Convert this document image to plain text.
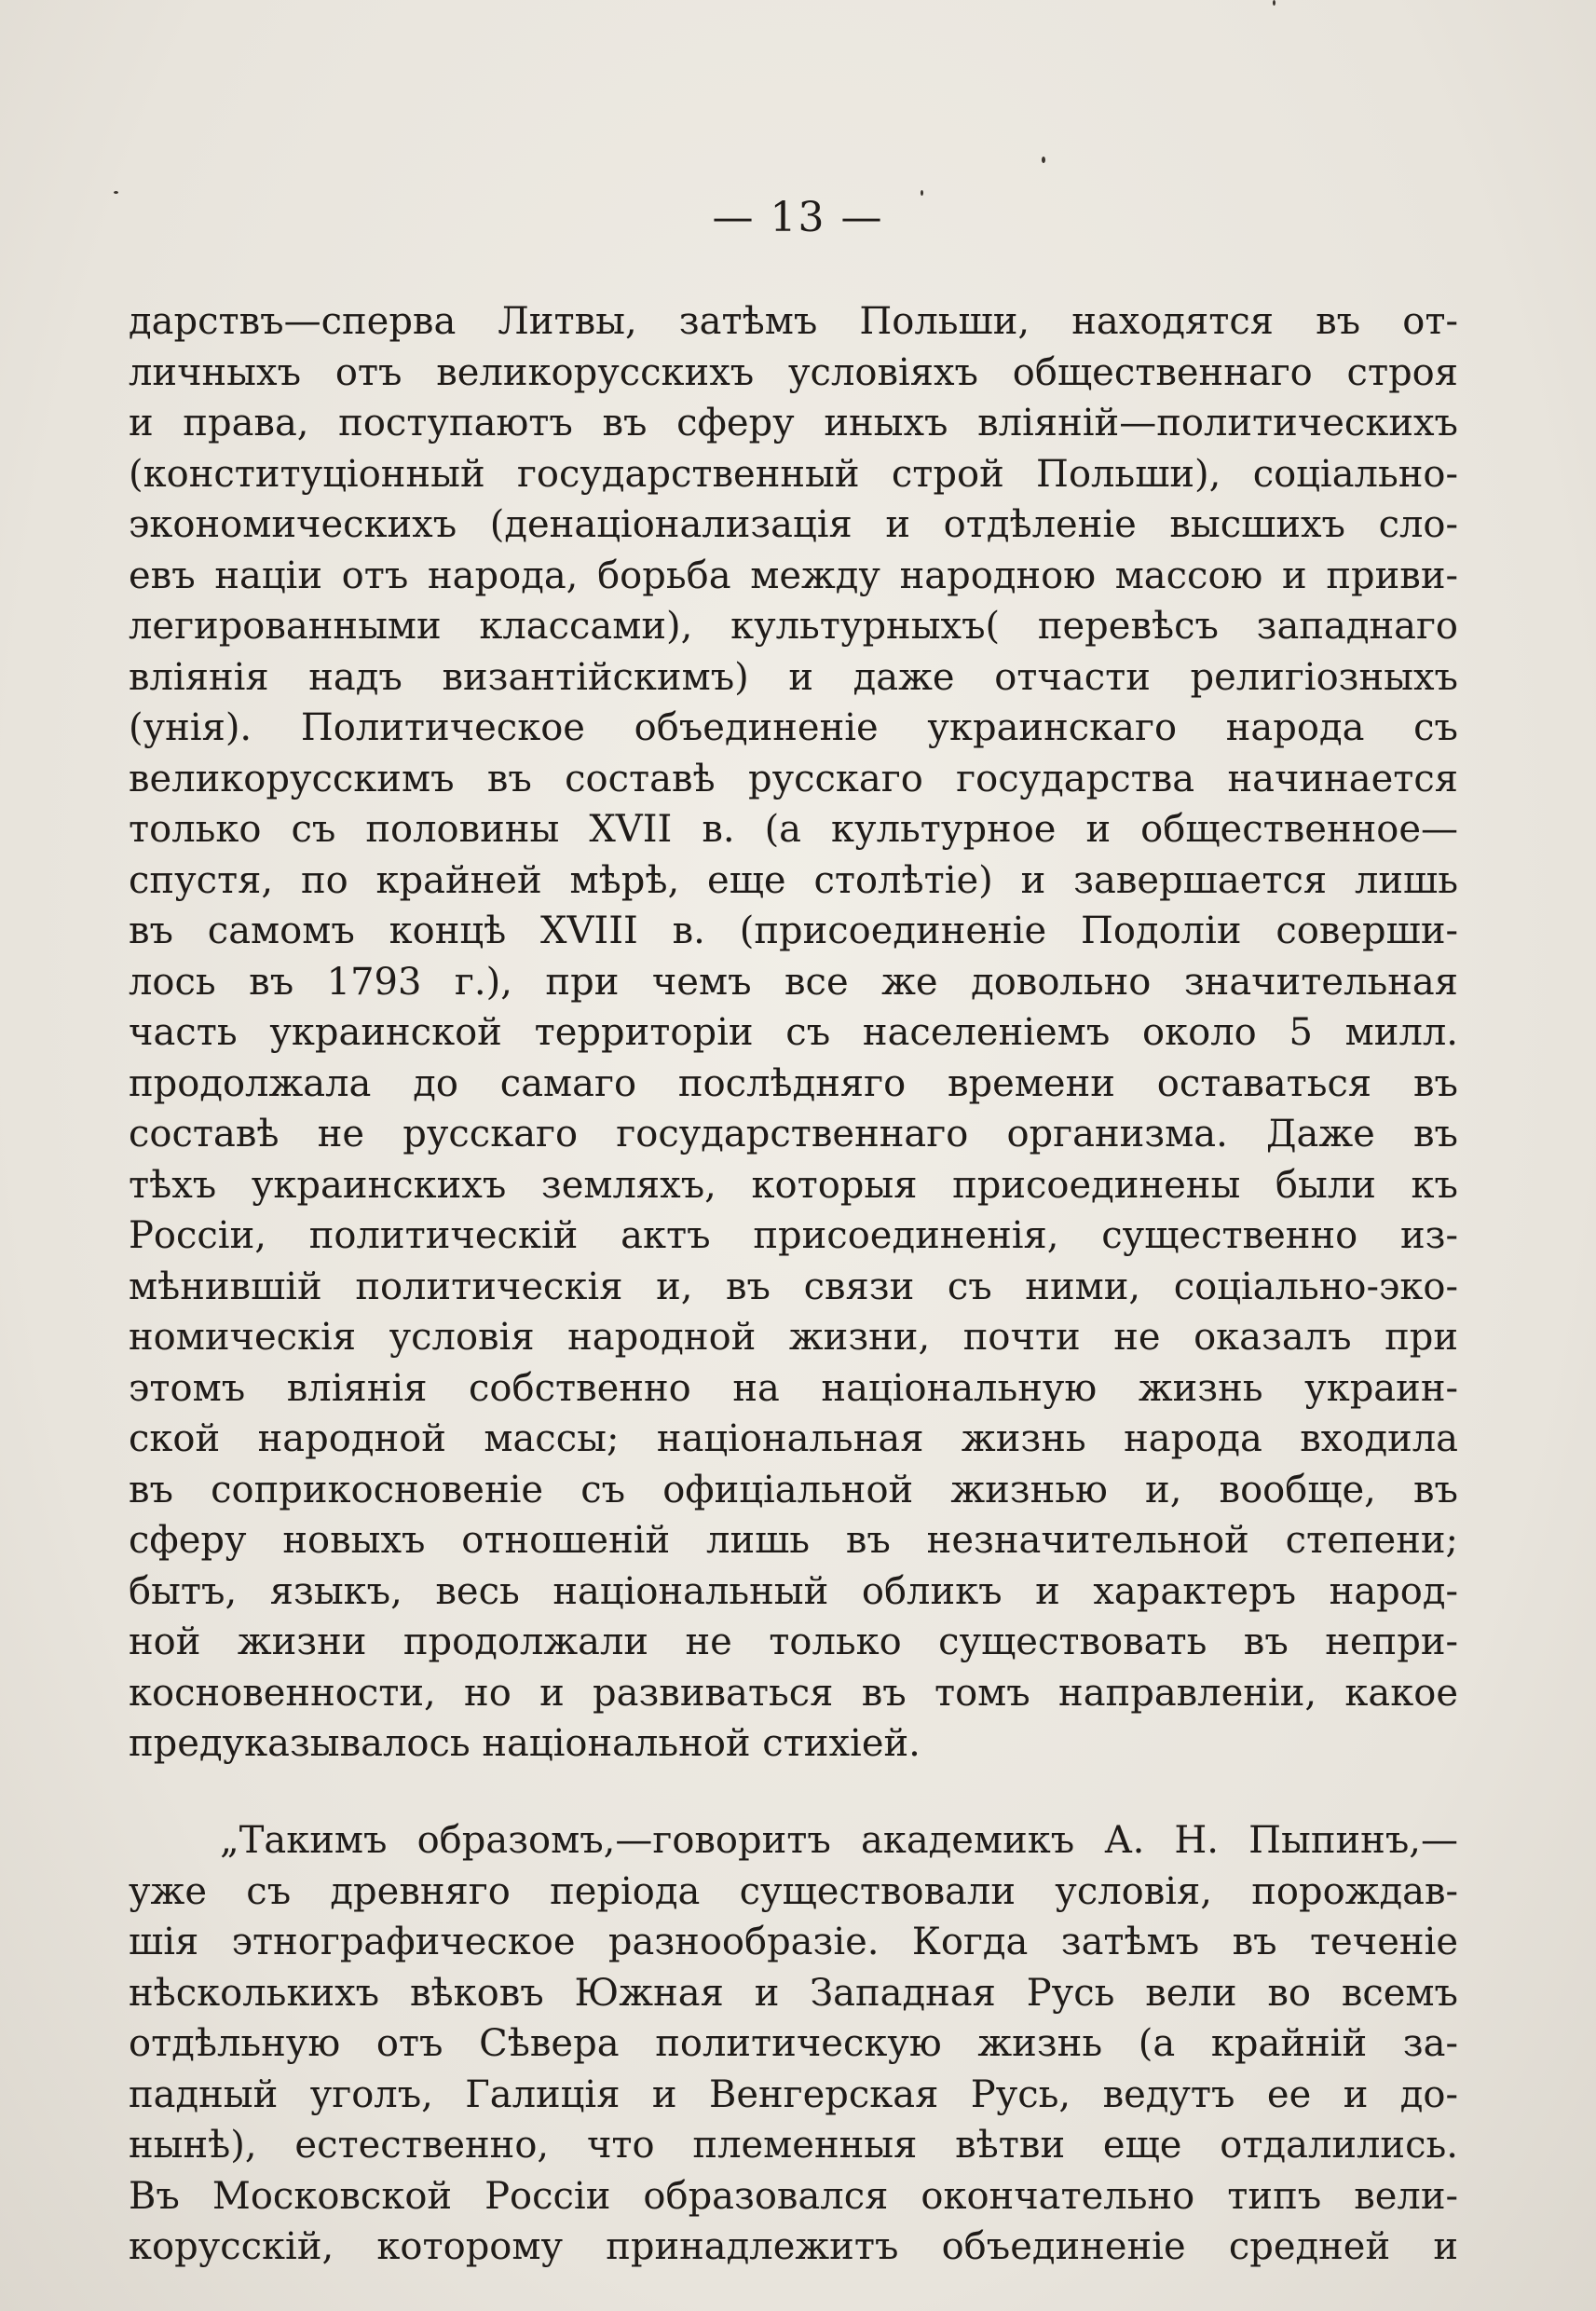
— 13 —

дарствъ—сперва Литвы, затѣмъ Польши, находятся въ от-
личныхъ отъ великорусскихъ условіяхъ общественнаго строя
и права, поступаютъ въ сферу иныхъ вліяній—политическихъ
(конституціонный государственный строй Польши), соціально-
экономическихъ (денаціонализація и отдѣленіе высшихъ сло-
евъ націи отъ народа, борьба между народною массою и приви-
легированными классами), культурныхъ( перевѣсъ западнаго
вліянія надъ византійскимъ) и даже отчасти религіозныхъ
(унія). Политическое объединеніе украинскаго народа съ
великорусскимъ въ составѣ русскаго государства начинается
только съ половины XVII в. (а культурное и общественное—
спустя, по крайней мѣрѣ, еще столѣтіе) и завершается лишь
въ самомъ концѣ XVIII в. (присоединеніе Подоліи соверши-
лось въ 1793 г.), при чемъ все же довольно значительная
часть украинской территоріи съ населеніемъ около 5 милл.
продолжала до самаго послѣдняго времени оставаться въ
составѣ не русскаго государственнаго организма. Даже въ
тѣхъ украинскихъ земляхъ, которыя присоединены были къ
Россіи, политическій актъ присоединенія, существенно из-
мѣнившій политическія и, въ связи съ ними, соціально-эко-
номическія условія народной жизни, почти не оказалъ при
этомъ вліянія собственно на національную жизнь украин-
ской народной массы; національная жизнь народа входила
въ соприкосновеніе съ офиціальной жизнью и, вообще, въ
сферу новыхъ отношеній лишь въ незначительной степени;
бытъ, языкъ, весь національный обликъ и характеръ народ-
ной жизни продолжали не только существовать въ непри-
косновенности, но и развиваться въ томъ направленіи, какое
предуказывалось національной стихіей.
„Такимъ образомъ,—говоритъ академикъ А. Н. Пыпинъ,—
уже съ древняго періода существовали условія, порождав-
шія этнографическое разнообразіе. Когда затѣмъ въ теченіе
нѣсколькихъ вѣковъ Южная и Западная Русь вели во всемъ
отдѣльную отъ Сѣвера политическую жизнь (а крайній за-
падный уголъ, Галиція и Венгерская Русь, ведутъ ее и до-
нынѣ), естественно, что племенныя вѣтви еще отдалились.
Въ Московской Россіи образовался окончательно типъ вели-
корусскій, которому принадлежитъ объединеніе средней и
